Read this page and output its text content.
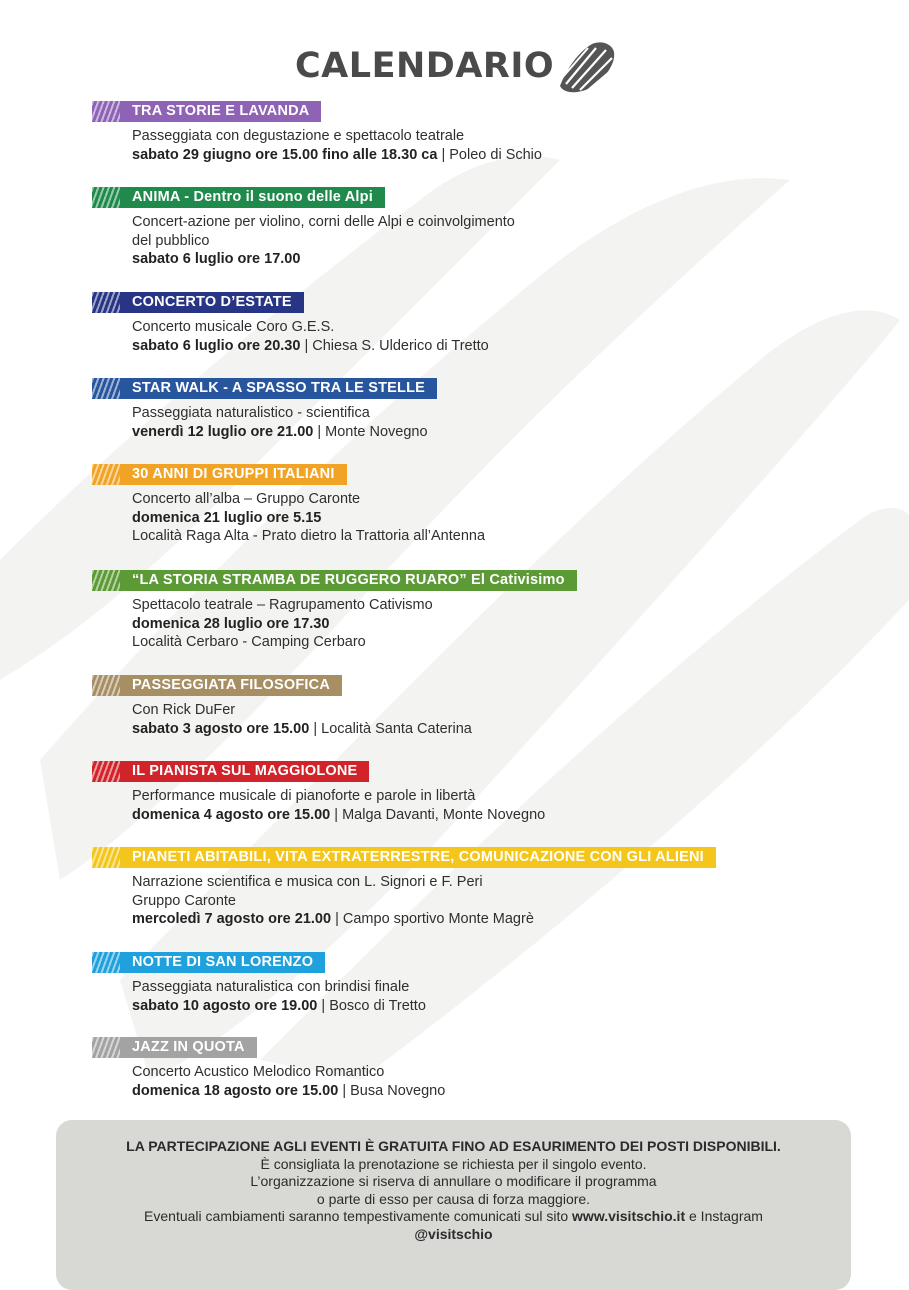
CALENDARIO
TRA STORIE E LAVANDA
Passeggiata con degustazione e spettacolo teatrale
sabato 29 giugno ore 15.00 fino alle 18.30 ca | Poleo di Schio
ANIMA - Dentro il suono delle Alpi
Concert-azione per violino, corni delle Alpi e coinvolgimento
del pubblico
sabato 6 luglio ore 17.00
CONCERTO D’ESTATE
Concerto musicale Coro G.E.S.
sabato 6 luglio ore 20.30 | Chiesa S. Ulderico di Tretto
STAR WALK - A SPASSO TRA LE STELLE
Passeggiata naturalistico - scientifica
venerdì 12 luglio ore 21.00 | Monte Novegno
30 ANNI DI GRUPPI ITALIANI
Concerto all’alba – Gruppo Caronte
domenica 21 luglio ore 5.15
Località Raga Alta - Prato dietro la Trattoria all’Antenna
“LA STORIA STRAMBA DE RUGGERO RUARO” El Cativisimo
Spettacolo teatrale – Ragrupamento Cativismo
domenica 28 luglio ore 17.30
Località Cerbaro - Camping Cerbaro
PASSEGGIATA FILOSOFICA
Con Rick DuFer
sabato 3 agosto ore 15.00 | Località Santa Caterina
IL PIANISTA SUL MAGGIOLONE
Performance musicale di pianoforte e parole in libertà
domenica 4 agosto ore 15.00 | Malga Davanti, Monte Novegno
PIANETI ABITABILI, VITA EXTRATERRESTRE, COMUNICAZIONE CON GLI ALIENI
Narrazione scientifica e musica con L. Signori e F. Peri
Gruppo Caronte
mercoledì 7 agosto ore 21.00 | Campo sportivo Monte Magrè
NOTTE DI SAN LORENZO
Passeggiata naturalistica con brindisi finale
sabato 10 agosto ore 19.00 | Bosco di Tretto
JAZZ IN QUOTA
Concerto Acustico Melodico Romantico
domenica 18 agosto ore 15.00 | Busa Novegno
LA PARTECIPAZIONE AGLI EVENTI È GRATUITA FINO AD ESAURIMENTO DEI POSTI DISPONIBILI.
È consigliata la prenotazione se richiesta per il singolo evento.
L’organizzazione si riserva di annullare o modificare il programma
o parte di esso per causa di forza maggiore.
Eventuali cambiamenti saranno tempestivamente comunicati sul sito www.visitschio.it e Instagram
@visitschio
